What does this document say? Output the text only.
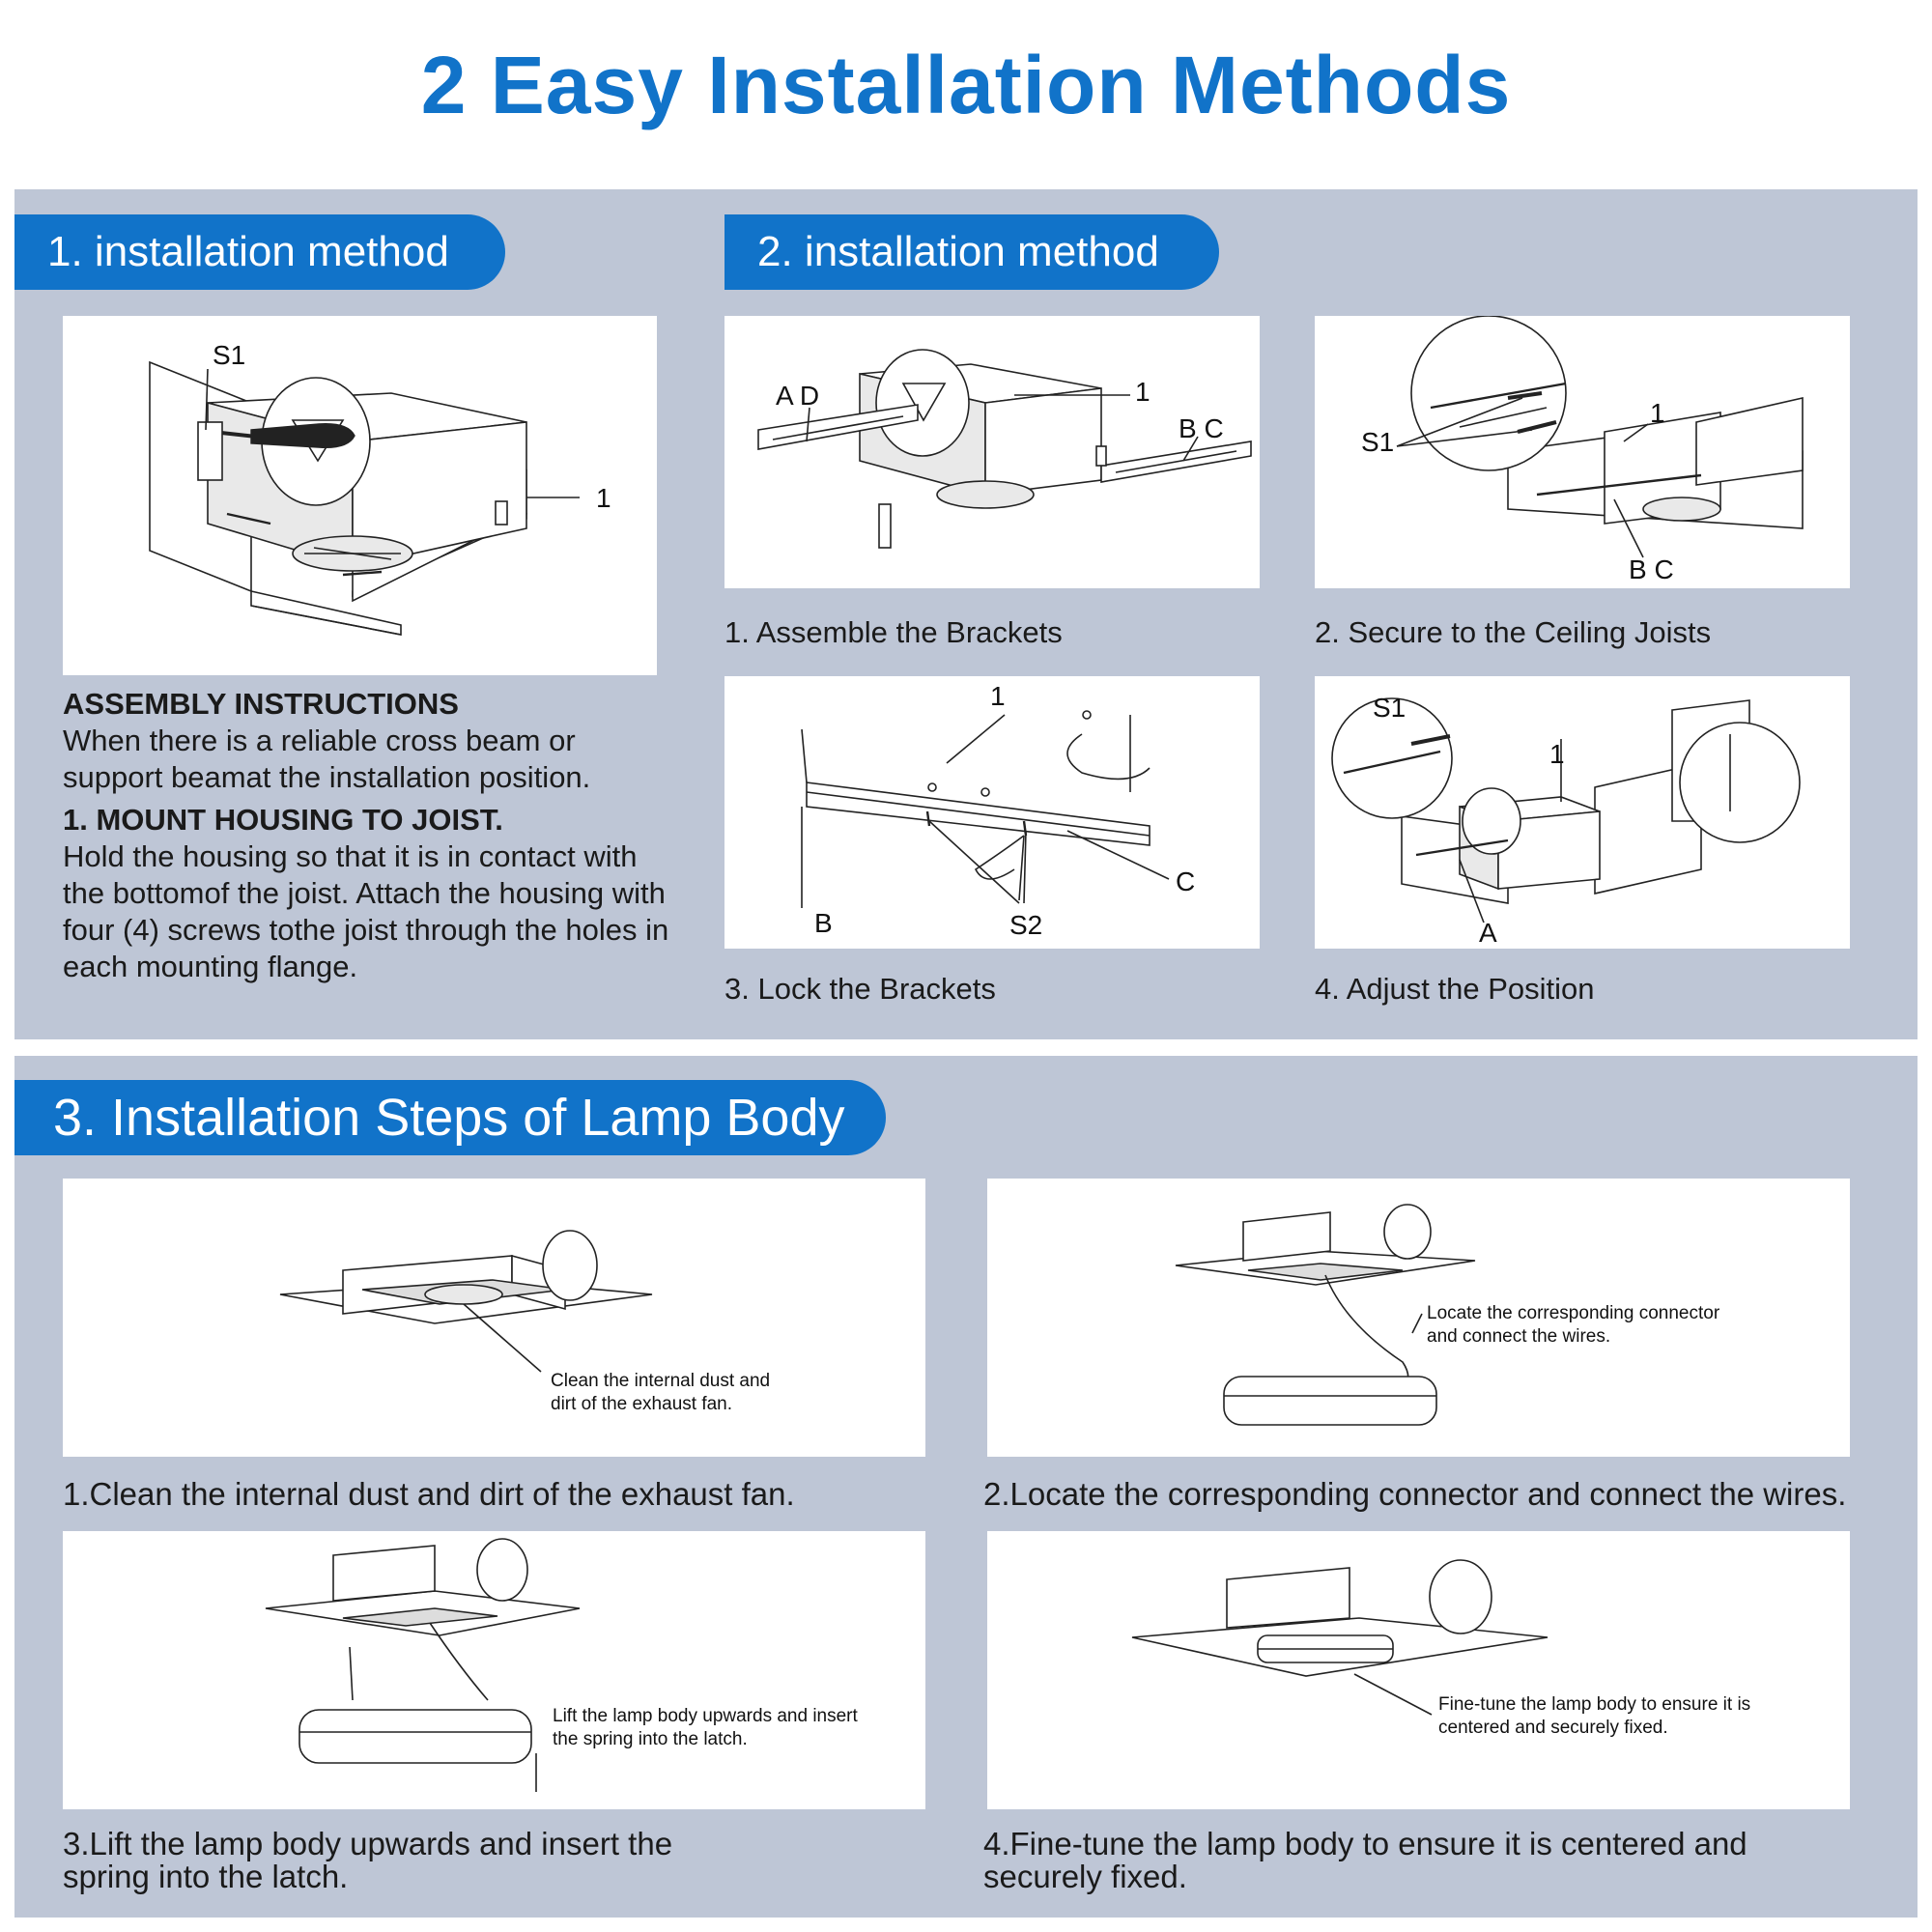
2 Easy Installation Methods
1. installation method	2. installation method
S1
1
ASSEMBLY INSTRUCTIONS
When there is a reliable cross beam or support beamat the installation position.
1. MOUNT HOUSING TO JOIST.
Hold the housing so that it is in contact with the bottomof the joist. Attach the housing with four (4) screws tothe joist through the holes in each mounting flange.
A D	1
B C
1. Assemble the Brackets
S1
1
B C
2. Secure to the Ceiling Joists
1
B	S2
C
3. Lock the Brackets
S1
1
A
4. Adjust the Position
3. Installation Steps of Lamp Body
Clean the internal dust and
dirt of the exhaust fan.
1.Clean the internal dust and dirt of the exhaust fan.
Locate the corresponding connector
and connect the wires.
2.Locate the corresponding connector and connect the wires.
Lift the lamp body upwards and insert
the spring into the latch.
3.Lift the lamp body upwards and insert the spring into the latch.
Fine-tune the lamp body to ensure it is
centered and securely fixed.
4.Fine-tune the lamp body to ensure it is centered and securely fixed.
